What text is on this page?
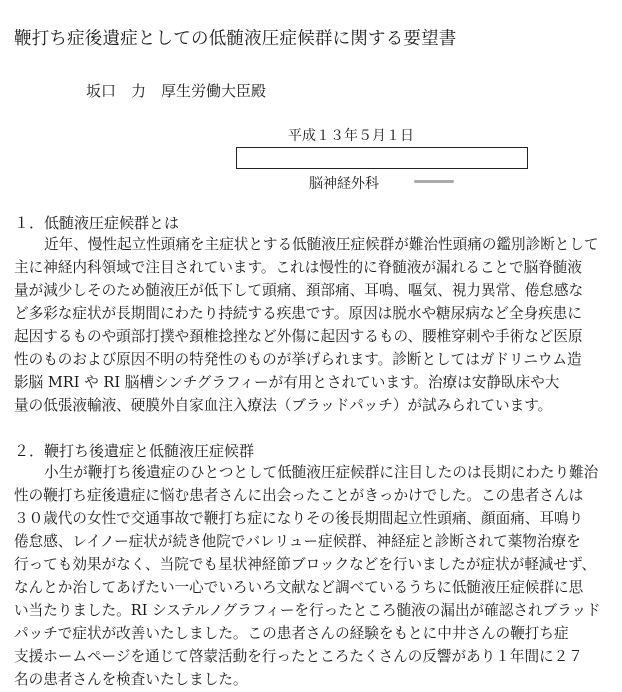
鞭打ち症後遺症としての低髄液圧症候群に関する要望書
坂口　力　厚生労働大臣殿
平成１３年５月１日
脳神経外科
１．低髄液圧症候群とは
近年、慢性起立性頭痛を主症状とする低髄液圧症候群が難治性頭痛の鑑別診断として
主に神経内科領域で注目されています。これは慢性的に脊髄液が漏れることで脳脊髄液
量が減少しそのため髄液圧が低下して頭痛、頚部痛、耳鳴、嘔気、視力異常、倦怠感な
ど多彩な症状が長期間にわたり持続する疾患です。原因は脱水や糖尿病など全身疾患に
起因するものや頭部打撲や頚椎捻挫など外傷に起因するもの、腰椎穿刺や手術など医原
性のものおよび原因不明の特発性のものが挙げられます。診断としてはガドリニウム造
影脳 MRI や RI 脳槽シンチグラフィーが有用とされています。治療は安静臥床や大
量の低張液輸液、硬膜外自家血注入療法（ブラッドパッチ）が試みられています。
２．鞭打ち後遺症と低髄液圧症候群
小生が鞭打ち後遺症のひとつとして低髄液圧症候群に注目したのは長期にわたり難治
性の鞭打ち症後遺症に悩む患者さんに出会ったことがきっかけでした。この患者さんは
３０歳代の女性で交通事故で鞭打ち症になりその後長期間起立性頭痛、顔面痛、耳鳴り
倦怠感、レイノー症状が続き他院でバレリュー症候群、神経症と診断されて薬物治療を
行っても効果がなく、当院でも星状神経節ブロックなどを行いましたが症状が軽減せず、
なんとか治してあげたい一心でいろいろ文献など調べているうちに低髄液圧症候群に思
い当たりました。RI システルノグラフィーを行ったところ髄液の漏出が確認されブラッド
パッチで症状が改善いたしました。この患者さんの経験をもとに中井さんの鞭打ち症
支援ホームページを通じて啓蒙活動を行ったところたくさんの反響があり１年間に２７
名の患者さんを検査いたしました。
